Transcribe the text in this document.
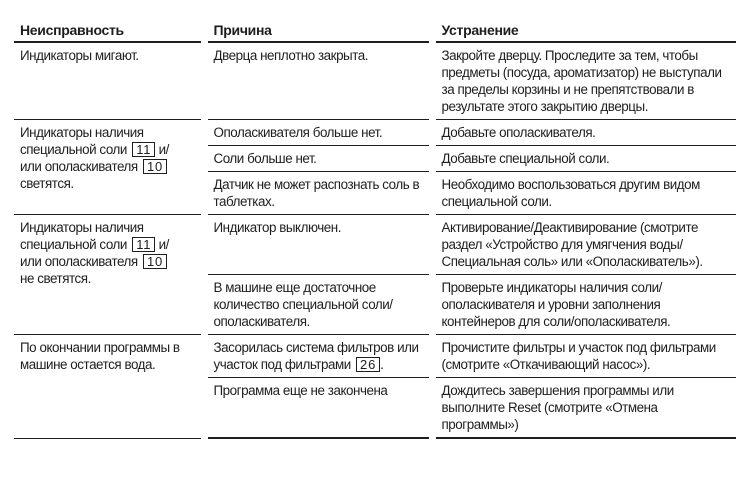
Неисправность	Причина	Устранение
Индикаторы мигают.	Дверца неплотно закрыта.	Закройте дверцу. Проследите за тем, чтобы предметы (посуда, ароматизатор) не выступали за пределы корзины и не препятствовали в результате этого закрытию дверцы.
Индикаторы наличия
специальной соли 11 и/
или ополаскивателя 10
светятся.	Ополаскивателя больше нет.	Добавьте ополаскивателя.
	Соли больше нет.	Добавьте специальной соли.
	Датчик не может распознать соль в таблетках.	Необходимо воспользоваться другим видом специальной соли.
Индикаторы наличия
специальной соли 11 и/
или ополаскивателя 10
не светятся.	Индикатор выключен.	Активирование/Деактивирование (смотрите раздел «Устройство для умягчения воды/ Специальная соль» или «Ополаскиватель»).
	В машине еще достаточное количество специальной соли/ ополаскивателя.	Проверьте индикаторы наличия соли/ ополаскивателя и уровни заполнения контейнеров для соли/ополаскивателя.
По окончании программы в машине остается вода.	Засорилась система фильтров или участок под фильтрами 26 .	Прочистите фильтры и участок под фильтрами (смотрите «Откачивающий насос»).
	Программа еще не закончена	Дождитесь завершения программы или выполните Reset (смотрите «Отмена программы»)
